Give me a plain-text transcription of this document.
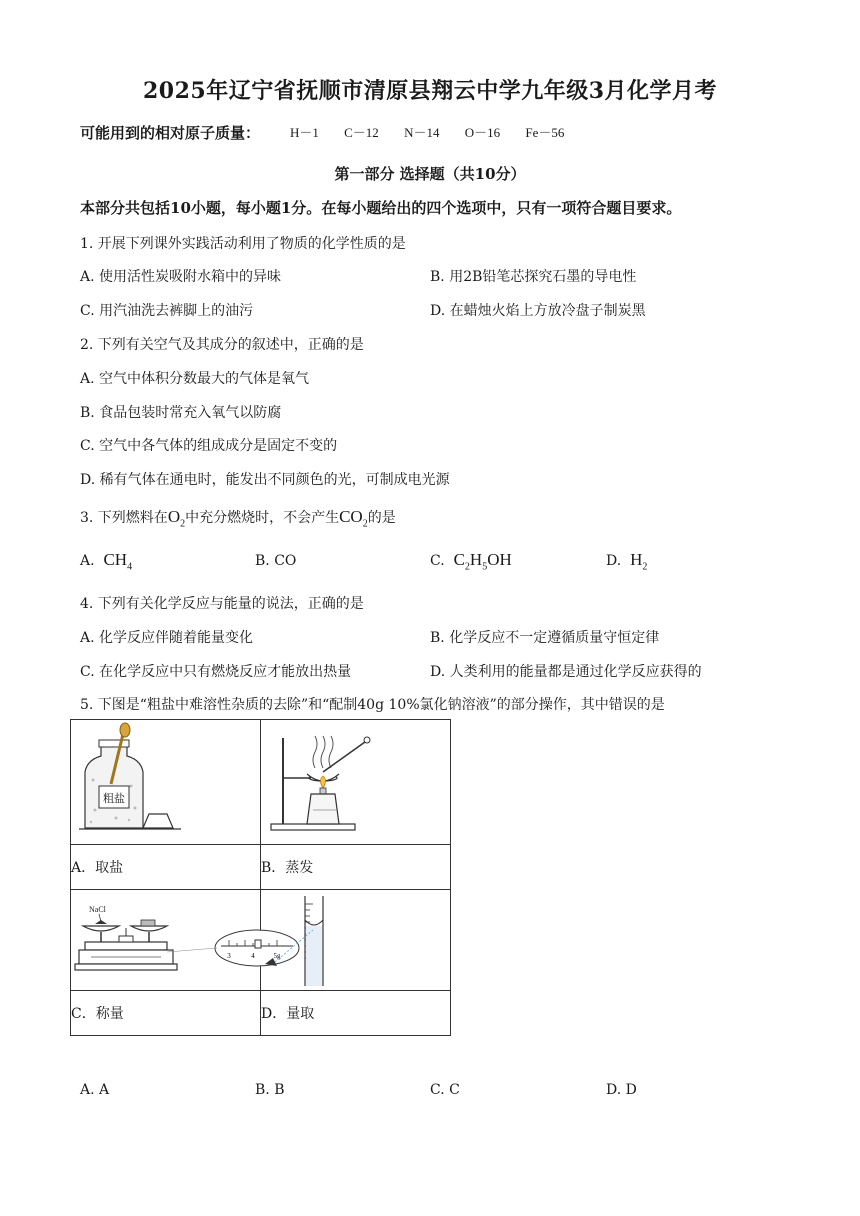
2025年辽宁省抚顺市清原县翔云中学九年级3月化学月考
可能用到的相对原子质量： H－1 C－12 N－14 O－16 Fe－56
第一部分 选择题（共10分）
本部分共包括10小题，每小题1分。在每小题给出的四个选项中，只有一项符合题目要求。
1. 开展下列课外实践活动利用了物质的化学性质的是
A. 使用活性炭吸附水箱中的异味	B. 用2B铅笔芯探究石墨的导电性
C. 用汽油洗去裤脚上的油污	D. 在蜡烛火焰上方放冷盘子制炭黑
2. 下列有关空气及其成分的叙述中，正确的是
A. 空气中体积分数最大的气体是氧气
B. 食品包装时常充入氧气以防腐
C. 空气中各气体的组成成分是固定不变的
D. 稀有气体在通电时，能发出不同颜色的光，可制成电光源
3. 下列燃料在$O_2$中充分燃烧时，不会产生$CO_2$的是
A. $CH_4$	B. CO	C. $C_2H_5OH$	D. $H_2$
4. 下列有关化学反应与能量的说法，正确的是
A. 化学反应伴随着能量变化	B. 化学反应不一定遵循质量守恒定律
C. 在化学反应中只有燃烧反应才能放出热量	D. 人类利用的能量都是通过化学反应获得的
5. 下图是“粗盐中难溶性杂质的去除”和“配制40g 10%氯化钠溶液”的部分操作，其中错误的是
粗盐

A．取盐	B．蒸发

NaCl
3 4 5g

C．称量	D．量取
A. A	B. B	C. C	D. D
